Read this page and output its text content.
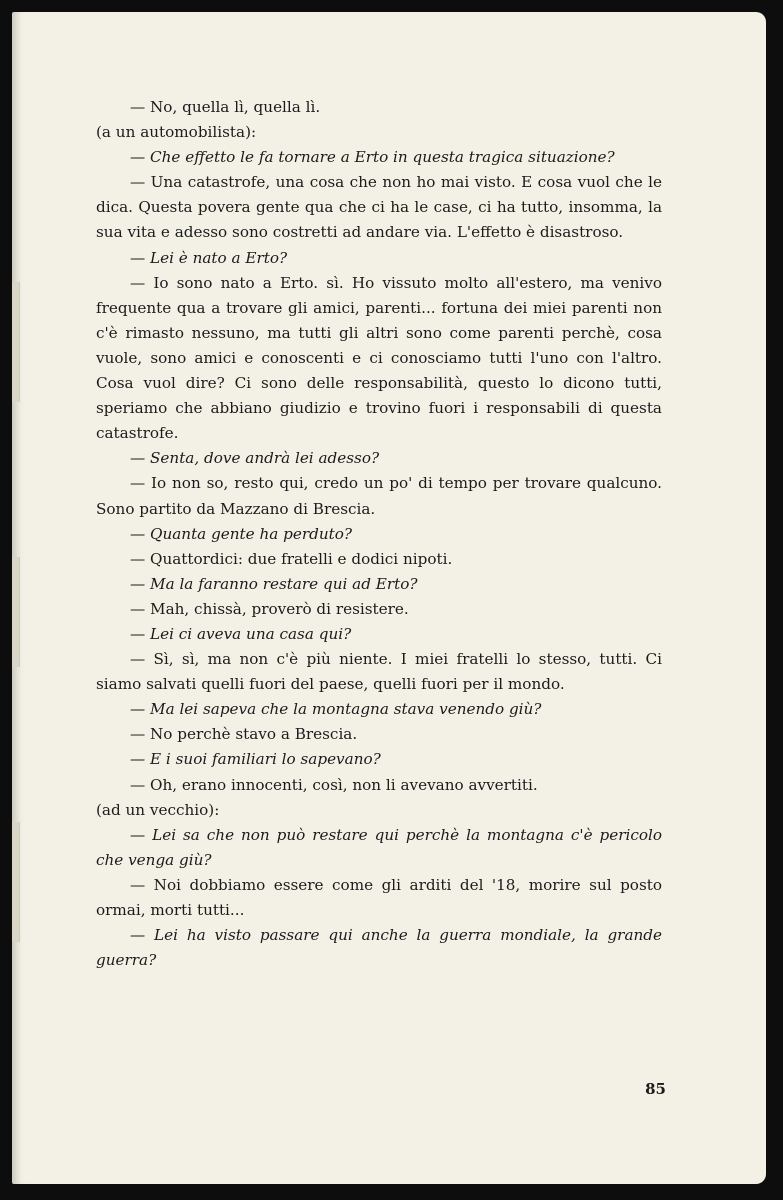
— No, quella lì, quella lì.

(a un automobilista):

— Che effetto le fa tornare a Erto in questa tragica situazione?

— Una catastrofe, una cosa che non ho mai visto. E cosa vuol che le dica. Questa povera gente qua che ci ha le case, ci ha tutto, insomma, la sua vita e adesso sono costretti ad andare via. L'effetto è disastroso.

— Lei è nato a Erto?

— Io sono nato a Erto. sì. Ho vissuto molto all'estero, ma venivo frequente qua a trovare gli amici, parenti... fortuna dei miei parenti non c'è rimasto nessuno, ma tutti gli altri sono come parenti perchè, cosa vuole, sono amici e conoscenti e ci conosciamo tutti l'uno con l'altro. Cosa vuol dire? Ci sono delle responsabilità, questo lo dicono tutti, speriamo che abbiano giudizio e trovino fuori i responsabili di questa catastrofe.

— Senta, dove andrà lei adesso?

— Io non so, resto qui, credo un po' di tempo per trovare qualcuno. Sono partito da Mazzano di Brescia.

— Quanta gente ha perduto?

— Quattordici: due fratelli e dodici nipoti.

— Ma la faranno restare qui ad Erto?

— Mah, chissà, proverò di resistere.

— Lei ci aveva una casa qui?

— Sì, sì, ma non c'è più niente. I miei fratelli lo stesso, tutti. Ci siamo salvati quelli fuori del paese, quelli fuori per il mondo.

— Ma lei sapeva che la montagna stava venendo giù?

— No perchè stavo a Brescia.

— E i suoi familiari lo sapevano?

— Oh, erano innocenti, così, non li avevano avvertiti.

(ad un vecchio):

— Lei sa che non può restare qui perchè la montagna c'è pericolo che venga giù?

— Noi dobbiamo essere come gli arditi del '18, morire sul posto ormai, morti tutti...

— Lei ha visto passare qui anche la guerra mondiale, la grande guerra?

85
